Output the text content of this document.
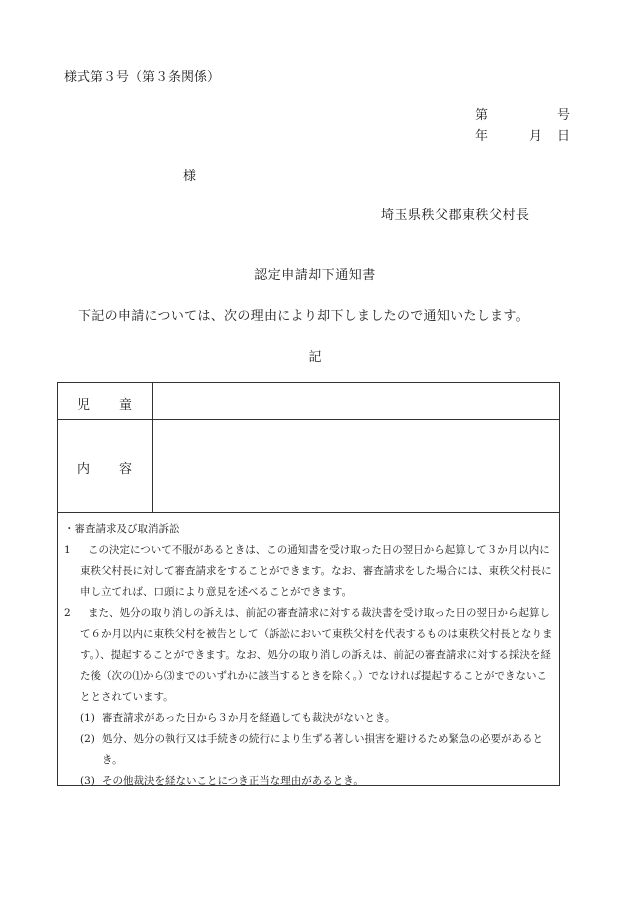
様式第３号（第３条関係）
第	号
年	月 日
様
埼玉県秩父郡東秩父村長
認定申請却下通知書
下記の申請については、次の理由により却下しましたので通知いたします。
記
児　　童
内　　容
・審査請求及び取消訴訟
1 この決定について不服があるときは、この通知書を受け取った日の翌日から起算して３か月以内に東秩父村長に対して審査請求をすることができます。なお、審査請求をした場合には、東秩父村長に申し立てれば、口頭により意見を述べることができます。
2 また、処分の取り消しの訴えは、前記の審査請求に対する裁決書を受け取った日の翌日から起算して６か月以内に東秩父村を被告として（訴訟において東秩父村を代表するものは東秩父村長となります。）、提起することができます。なお、処分の取り消しの訴えは、前記の審査請求に対する採決を経た後（次の⑴から⑶までのいずれかに該当するときを除く。）でなければ提起することができないこととされています。
(1) 審査請求があった日から３か月を経過しても裁決がないとき。
(2) 処分、処分の執行又は手続きの続行により生ずる著しい損害を避けるため緊急の必要があるとき。
(3) その他裁決を経ないことにつき正当な理由があるとき。
